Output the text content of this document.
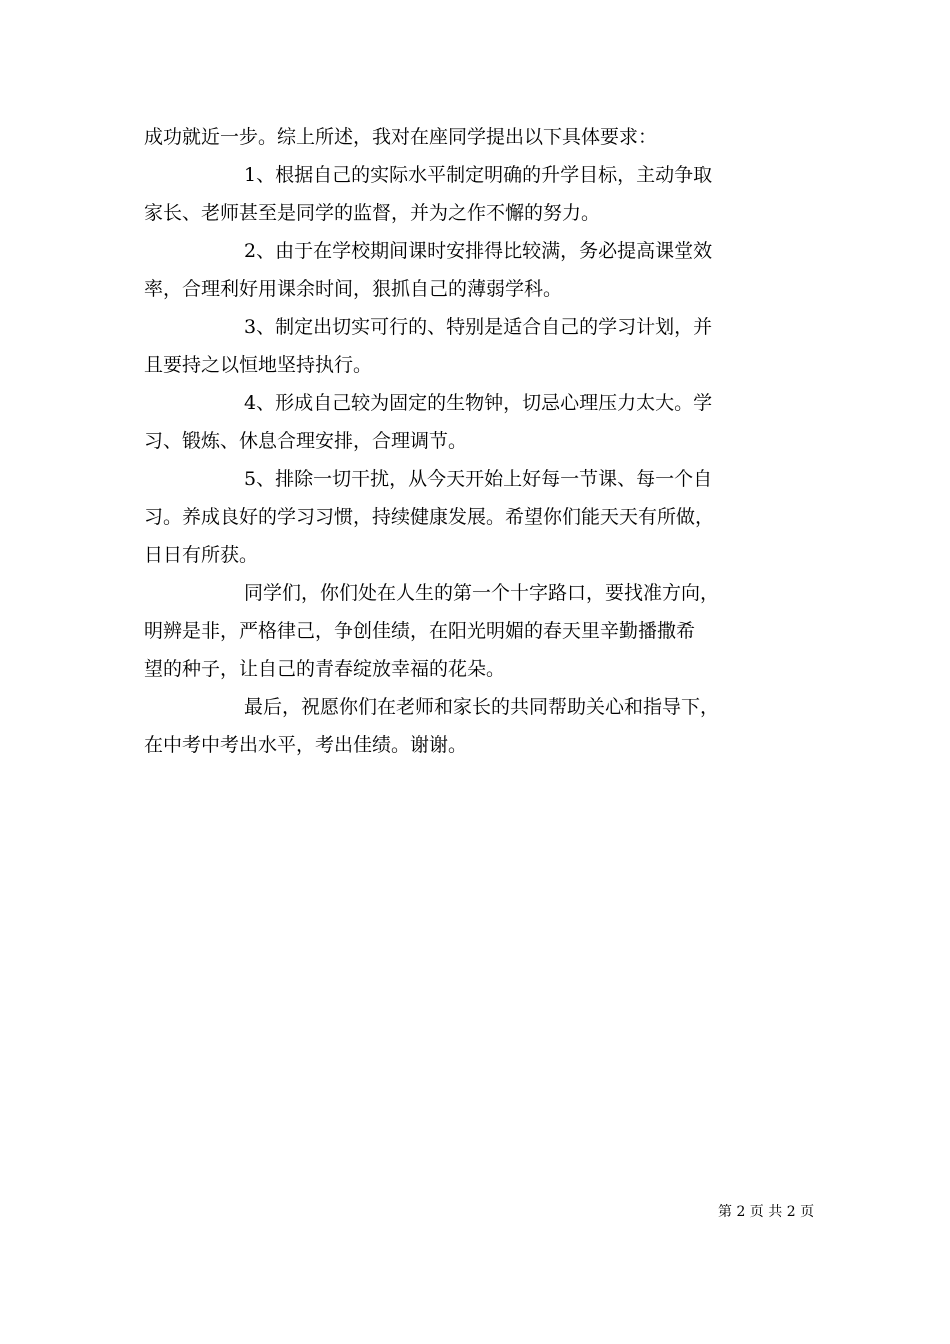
成功就近一步。综上所述，我对在座同学提出以下具体要求：
1、根据自己的实际水平制定明确的升学目标，主动争取
家长、老师甚至是同学的监督，并为之作不懈的努力。
2、由于在学校期间课时安排得比较满，务必提高课堂效
率，合理利好用课余时间，狠抓自己的薄弱学科。
3、制定出切实可行的、特别是适合自己的学习计划，并
且要持之以恒地坚持执行。
4、形成自己较为固定的生物钟，切忌心理压力太大。学
习、锻炼、休息合理安排，合理调节。
5、排除一切干扰，从今天开始上好每一节课、每一个自
习。养成良好的学习习惯，持续健康发展。希望你们能天天有所做，
日日有所获。
同学们，你们处在人生的第一个十字路口，要找准方向，
明辨是非，严格律己，争创佳绩，在阳光明媚的春天里辛勤播撒希
望的种子，让自己的青春绽放幸福的花朵。
最后，祝愿你们在老师和家长的共同帮助关心和指导下，
在中考中考出水平，考出佳绩。谢谢。
第 2 页 共 2 页
